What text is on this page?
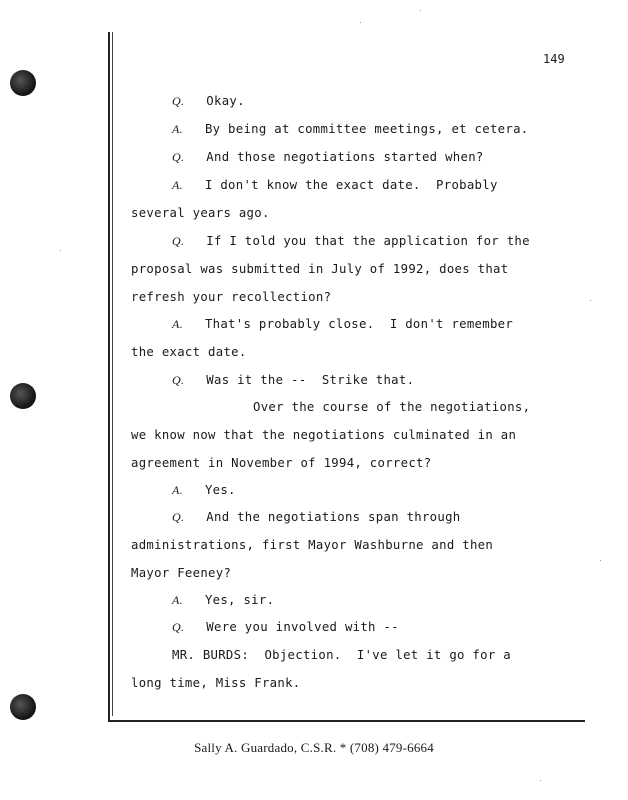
149
Q. Okay.
A. By being at committee meetings, et cetera.
Q. And those negotiations started when?
A. I don't know the exact date.  Probably
several years ago.
Q. If I told you that the application for the
proposal was submitted in July of 1992, does that
refresh your recollection?
A. That's probably close.  I don't remember
the exact date.
Q. Was it the --  Strike that.
Over the course of the negotiations,
we know now that the negotiations culminated in an
agreement in November of 1994, correct?
A. Yes.
Q. And the negotiations span through
administrations, first Mayor Washburne and then
Mayor Feeney?
A. Yes, sir.
Q. Were you involved with --
MR. BURDS:  Objection.  I've let it go for a
long time, Miss Frank.
Sally A. Guardado, C.S.R. * (708) 479-6664
